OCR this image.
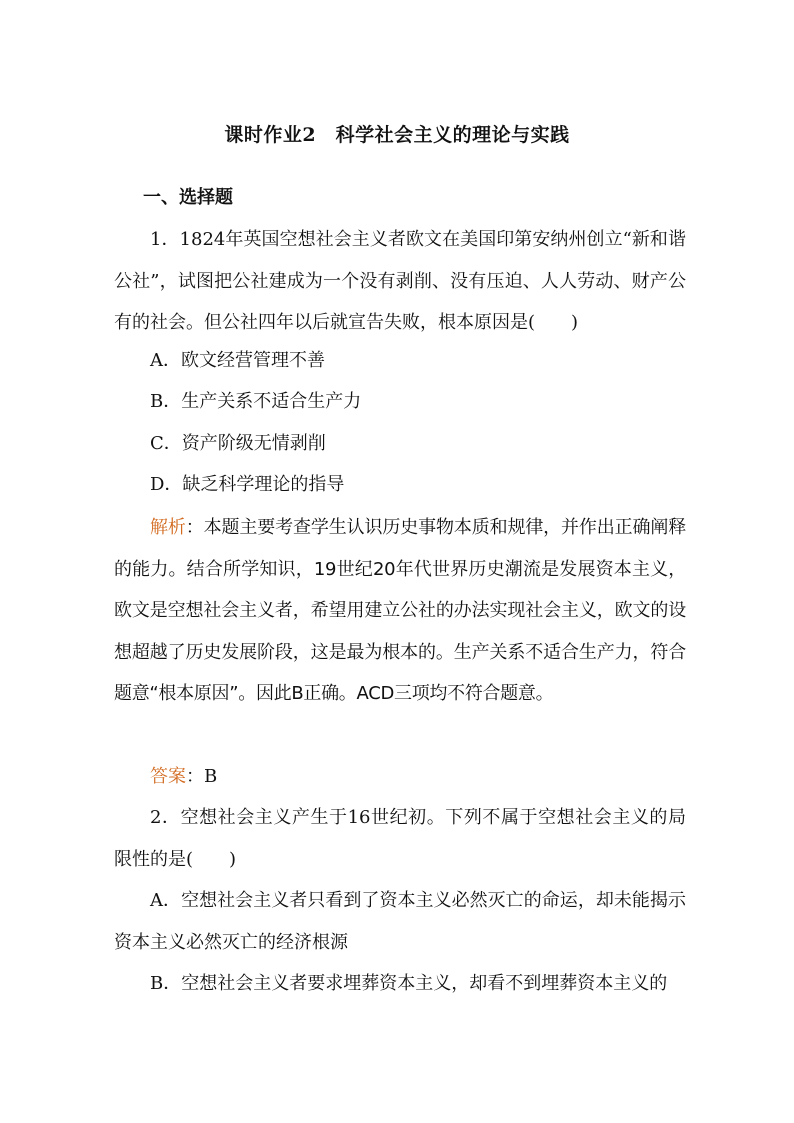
课时作业2　科学社会主义的理论与实践
一、选择题

1．1824年英国空想社会主义者欧文在美国印第安纳州创立“新和谐公社”，试图把公社建成为一个没有剥削、没有压迫、人人劳动、财产公有的社会。但公社四年以后就宣告失败，根本原因是(　　)

A．欧文经营管理不善
B．生产关系不适合生产力
C．资产阶级无情剥削
D．缺乏科学理论的指导

解析：本题主要考查学生认识历史事物本质和规律，并作出正确阐释的能力。结合所学知识，19世纪20年代世界历史潮流是发展资本主义，欧文是空想社会主义者，希望用建立公社的办法实现社会主义，欧文的设想超越了历史发展阶段，这是最为根本的。生产关系不适合生产力，符合题意“根本原因”。因此B正确。ACD三项均不符合题意。

答案：B

2．空想社会主义产生于16世纪初。下列不属于空想社会主义的局限性的是(　　)

A．空想社会主义者只看到了资本主义必然灭亡的命运，却未能揭示资本主义必然灭亡的经济根源

B．空想社会主义者要求埋葬资本主义，却看不到埋葬资本主义的
